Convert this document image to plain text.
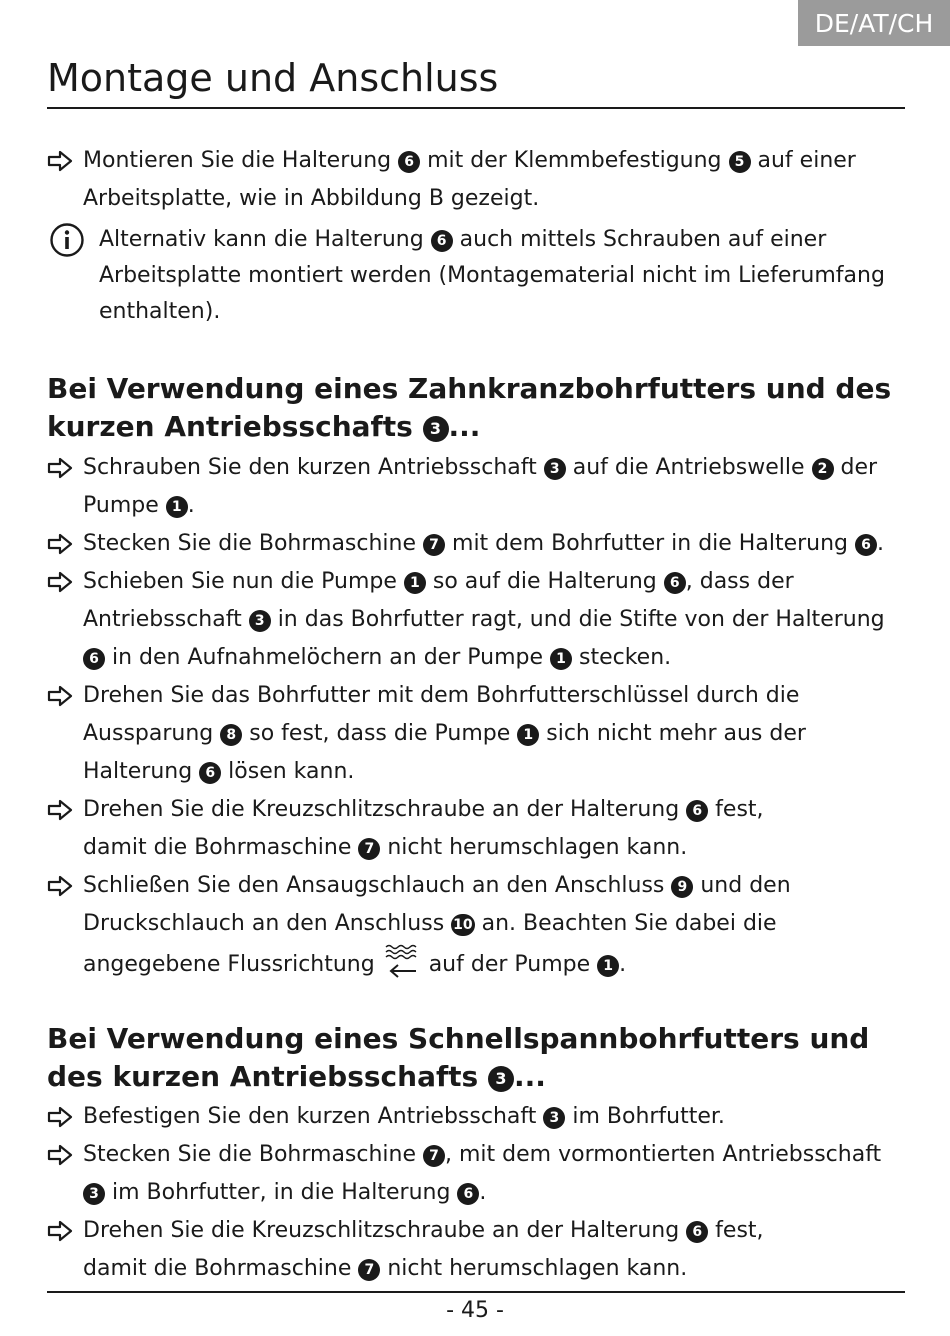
DE/AT/CH
Montage und Anschluss

Montieren Sie die Halterung 6 mit der Klemmbefestigung 5 auf einer Arbeitsplatte, wie in Abbildung B gezeigt.

Alternativ kann die Halterung 6 auch mittels Schrauben auf einer Arbeitsplatte montiert werden (Montagematerial nicht im Lieferumfang enthalten).

Bei Verwendung eines Zahnkranzbohrfutters und des kurzen Antriebsschafts 3 ...

Schrauben Sie den kurzen Antriebsschaft 3 auf die Antriebswelle 2 der Pumpe 1 .

Stecken Sie die Bohrmaschine 7 mit dem Bohrfutter in die Halterung 6 .

Schieben Sie nun die Pumpe 1 so auf die Halterung 6 , dass der Antriebsschaft 3 in das Bohrfutter ragt, und die Stifte von der Halterung 6 in den Aufnahmelöchern an der Pumpe 1 stecken.

Drehen Sie das Bohrfutter mit dem Bohrfutterschlüssel durch die Aussparung 8 so fest, dass die Pumpe 1 sich nicht mehr aus der Halterung 6 lösen kann.

Drehen Sie die Kreuzschlitzschraube an der Halterung 6 fest,
damit die Bohrmaschine 7 nicht herumschlagen kann.

Schließen Sie den Ansaugschlauch an den Anschluss 9 und den Druckschlauch an den Anschluss 10 an. Beachten Sie dabei die angegebene Flussrichtung  auf der Pumpe 1 .

Bei Verwendung eines Schnellspannbohrfutters und des kurzen Antriebsschafts 3 ...

Befestigen Sie den kurzen Antriebsschaft 3 im Bohrfutter.

Stecken Sie die Bohrmaschine 7 , mit dem vormontierten Antriebsschaft 3 im Bohrfutter, in die Halterung 6 .

Drehen Sie die Kreuzschlitzschraube an der Halterung 6 fest,
damit die Bohrmaschine 7 nicht herumschlagen kann.

- 45 -
